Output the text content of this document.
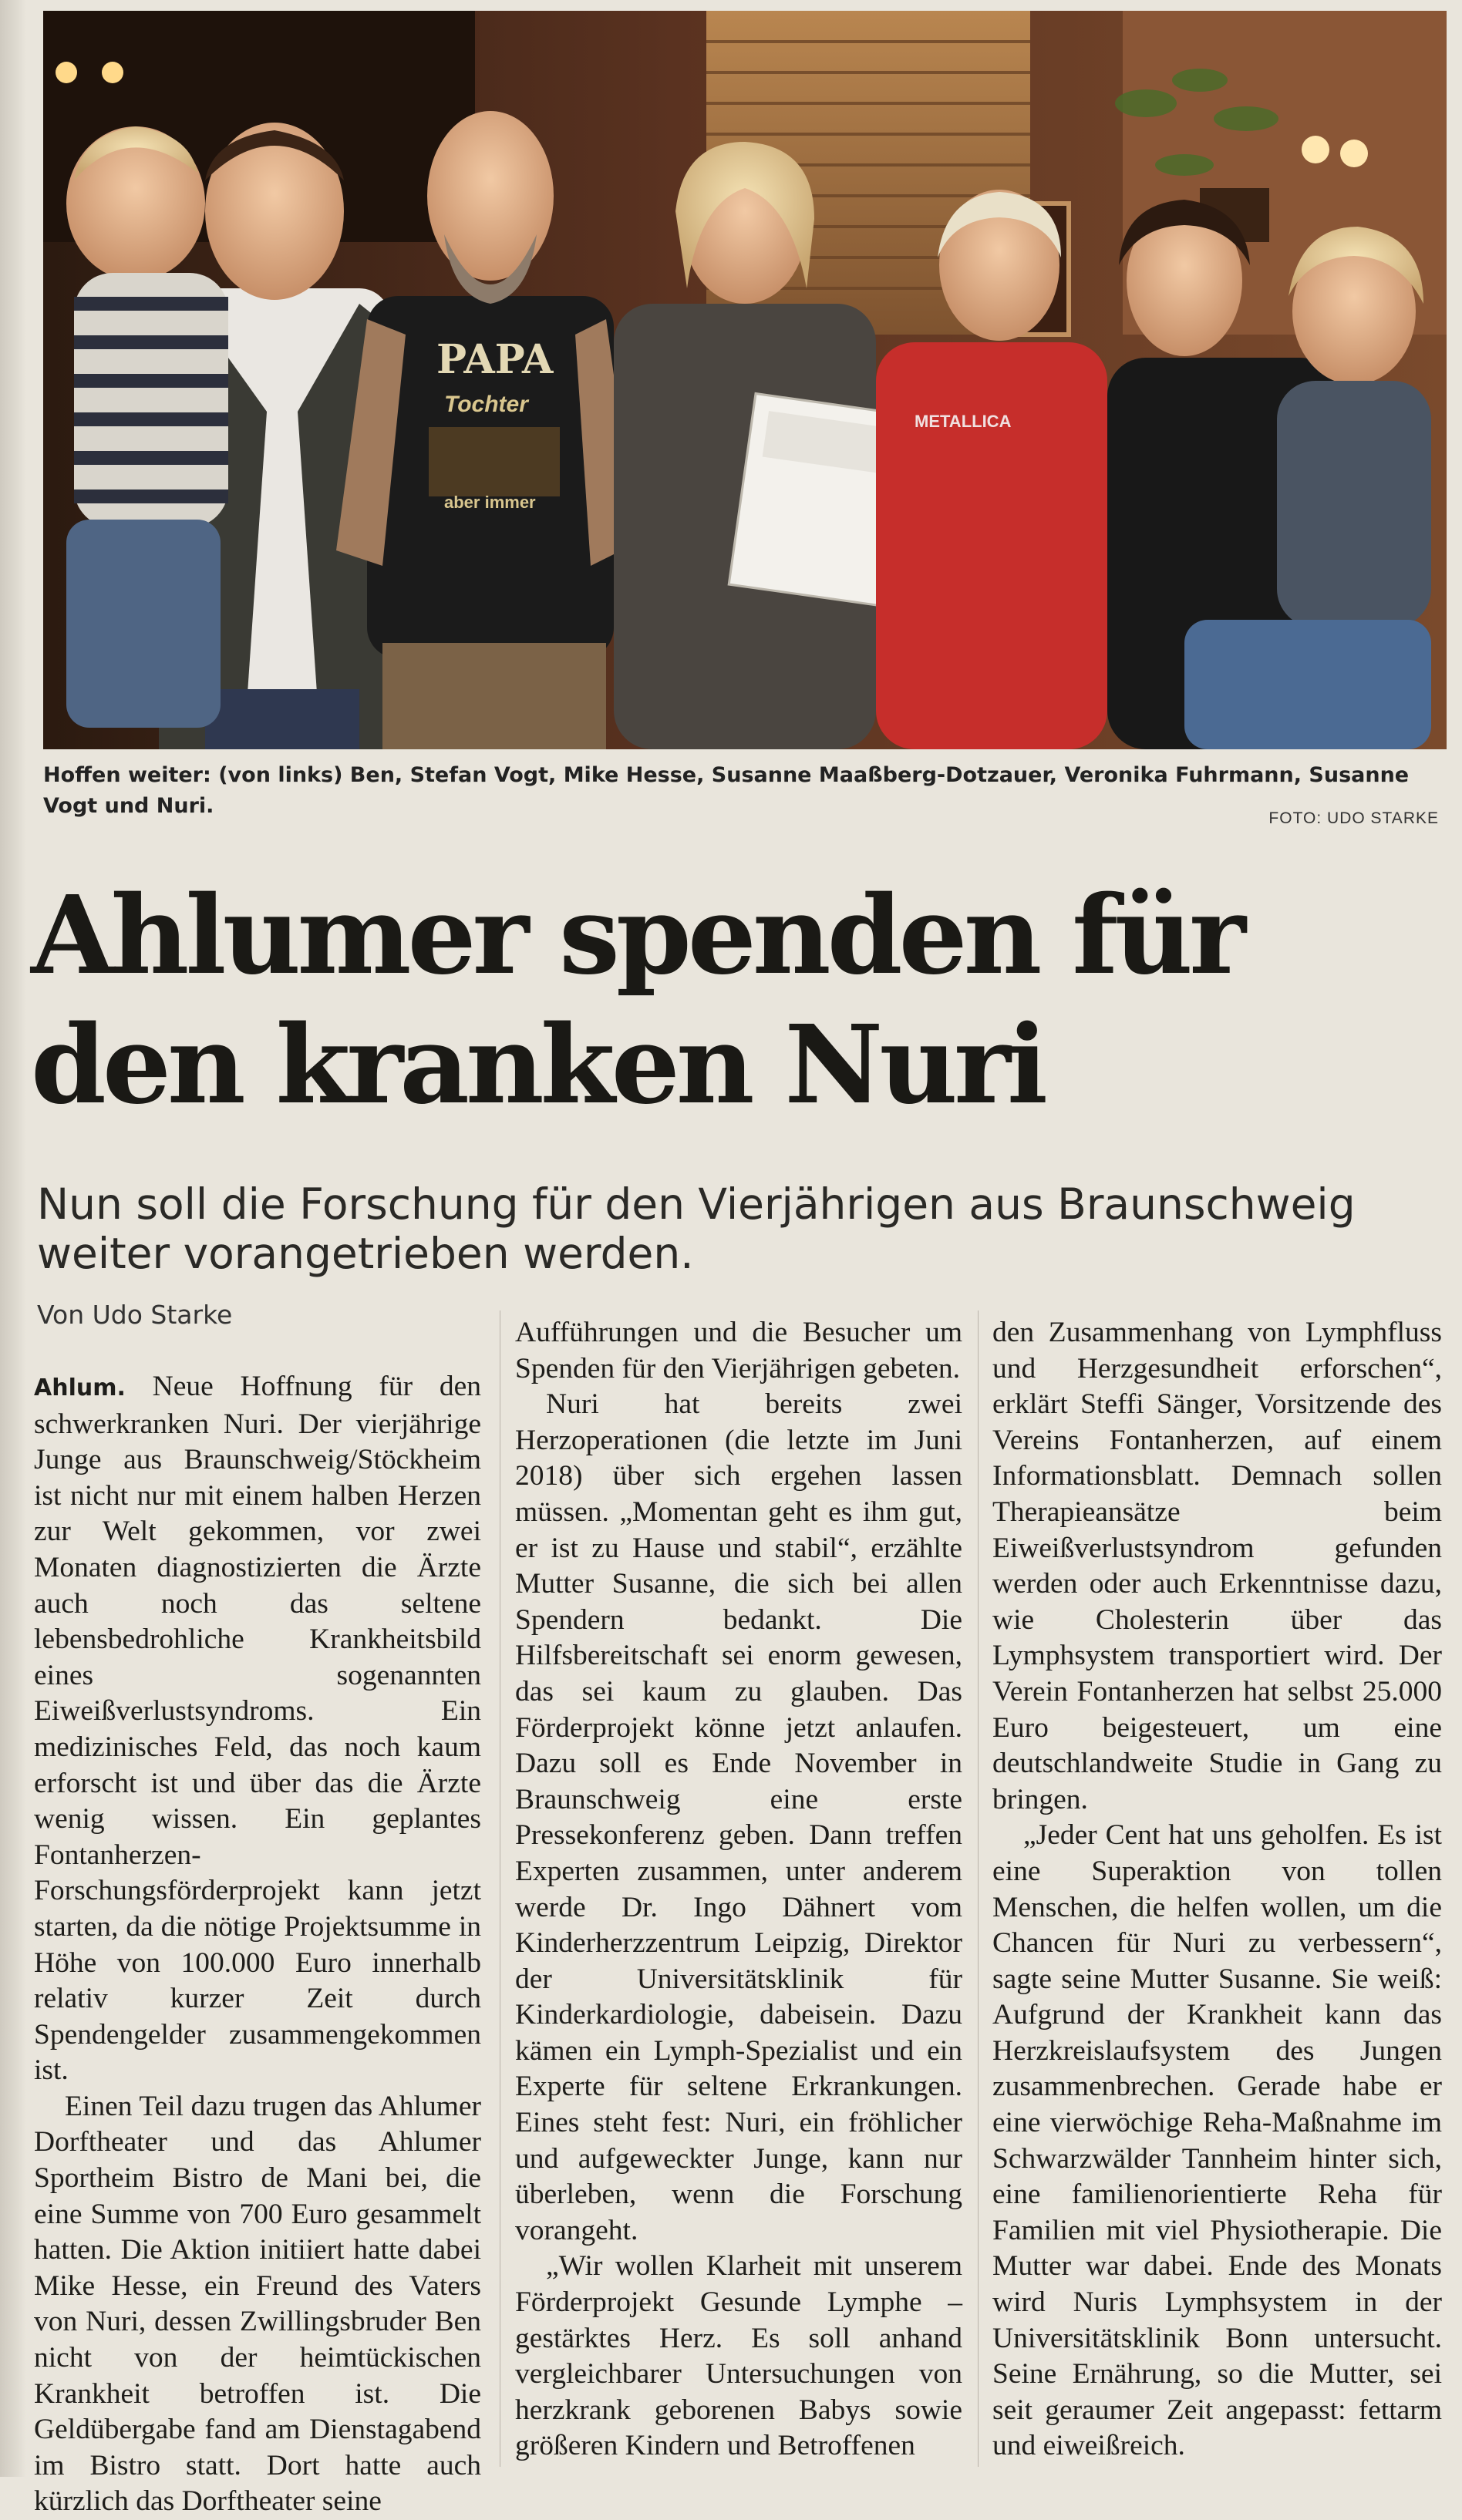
PAPA
Tochter
aber immer
METALLICA
Hoffen weiter: (von links) Ben, Stefan Vogt, Mike Hesse, Susanne Maaßberg-Dotzauer, Veronika Fuhrmann, Susanne Vogt und Nuri.
FOTO: UDO STARKE
Ahlumer spenden für
den kranken Nuri

Nun soll die Forschung für den Vierjährigen aus Braunschweig weiter vorangetrieben werden.

Von Udo Starke

Ahlum. Neue Hoffnung für den schwerkranken Nuri. Der vierjährige Junge aus Braunschweig/Stöckheim ist nicht nur mit einem halben Herzen zur Welt gekommen, vor zwei Monaten diagnostizierten die Ärzte auch noch das seltene lebensbedrohliche Krankheitsbild eines sogenannten Eiweißverlustsyndroms. Ein medizinisches Feld, das noch kaum erforscht ist und über das die Ärzte wenig wissen. Ein geplantes Fontanherzen-Forschungsförderprojekt kann jetzt starten, da die nötige Projektsumme in Höhe von 100.000 Euro innerhalb relativ kurzer Zeit durch Spendengelder zusammengekommen ist.

Einen Teil dazu trugen das Ahlumer Dorftheater und das Ahlumer Sportheim Bistro de Mani bei, die eine Summe von 700 Euro gesammelt hatten. Die Aktion initiiert hatte dabei Mike Hesse, ein Freund des Vaters von Nuri, dessen Zwillingsbruder Ben nicht von der heimtückischen Krankheit betroffen ist. Die Geldübergabe fand am Dienstagabend im Bistro statt. Dort hatte auch kürzlich das Dorftheater seine

Aufführungen und die Besucher um Spenden für den Vierjährigen gebeten.

Nuri hat bereits zwei Herzoperationen (die letzte im Juni 2018) über sich ergehen lassen müssen. „Momentan geht es ihm gut, er ist zu Hause und stabil“, erzählte Mutter Susanne, die sich bei allen Spendern bedankt. Die Hilfsbereitschaft sei enorm gewesen, das sei kaum zu glauben. Das Förderprojekt könne jetzt anlaufen. Dazu soll es Ende November in Braunschweig eine erste Pressekonferenz geben. Dann treffen Experten zusammen, unter anderem werde Dr. Ingo Dähnert vom Kinderherzzentrum Leipzig, Direktor der Universitätsklinik für Kinderkardiologie, dabeisein. Dazu kämen ein Lymph-Spezialist und ein Experte für seltene Erkrankungen. Eines steht fest: Nuri, ein fröhlicher und aufgeweckter Junge, kann nur überleben, wenn die Forschung vorangeht.

„Wir wollen Klarheit mit unserem Förderprojekt Gesunde Lymphe – gestärktes Herz. Es soll anhand vergleichbarer Untersuchungen von herzkrank geborenen Babys sowie größeren Kindern und Betroffenen

den Zusammenhang von Lymphfluss und Herzgesundheit erforschen“, erklärt Steffi Sänger, Vorsitzende des Vereins Fontanherzen, auf einem Informationsblatt. Demnach sollen Therapieansätze beim Eiweißverlustsyndrom gefunden werden oder auch Erkenntnisse dazu, wie Cholesterin über das Lymphsystem transportiert wird. Der Verein Fontanherzen hat selbst 25.000 Euro beigesteuert, um eine deutschlandweite Studie in Gang zu bringen.

„Jeder Cent hat uns geholfen. Es ist eine Superaktion von tollen Menschen, die helfen wollen, um die Chancen für Nuri zu verbessern“, sagte seine Mutter Susanne. Sie weiß: Aufgrund der Krankheit kann das Herzkreislaufsystem des Jungen zusammenbrechen. Gerade habe er eine vierwöchige Reha-Maßnahme im Schwarzwälder Tannheim hinter sich, eine familienorientierte Reha für Familien mit viel Physiotherapie. Die Mutter war dabei. Ende des Monats wird Nuris Lymphsystem in der Universitätsklinik Bonn untersucht. Seine Ernährung, so die Mutter, sei seit geraumer Zeit angepasst: fettarm und eiweißreich.
